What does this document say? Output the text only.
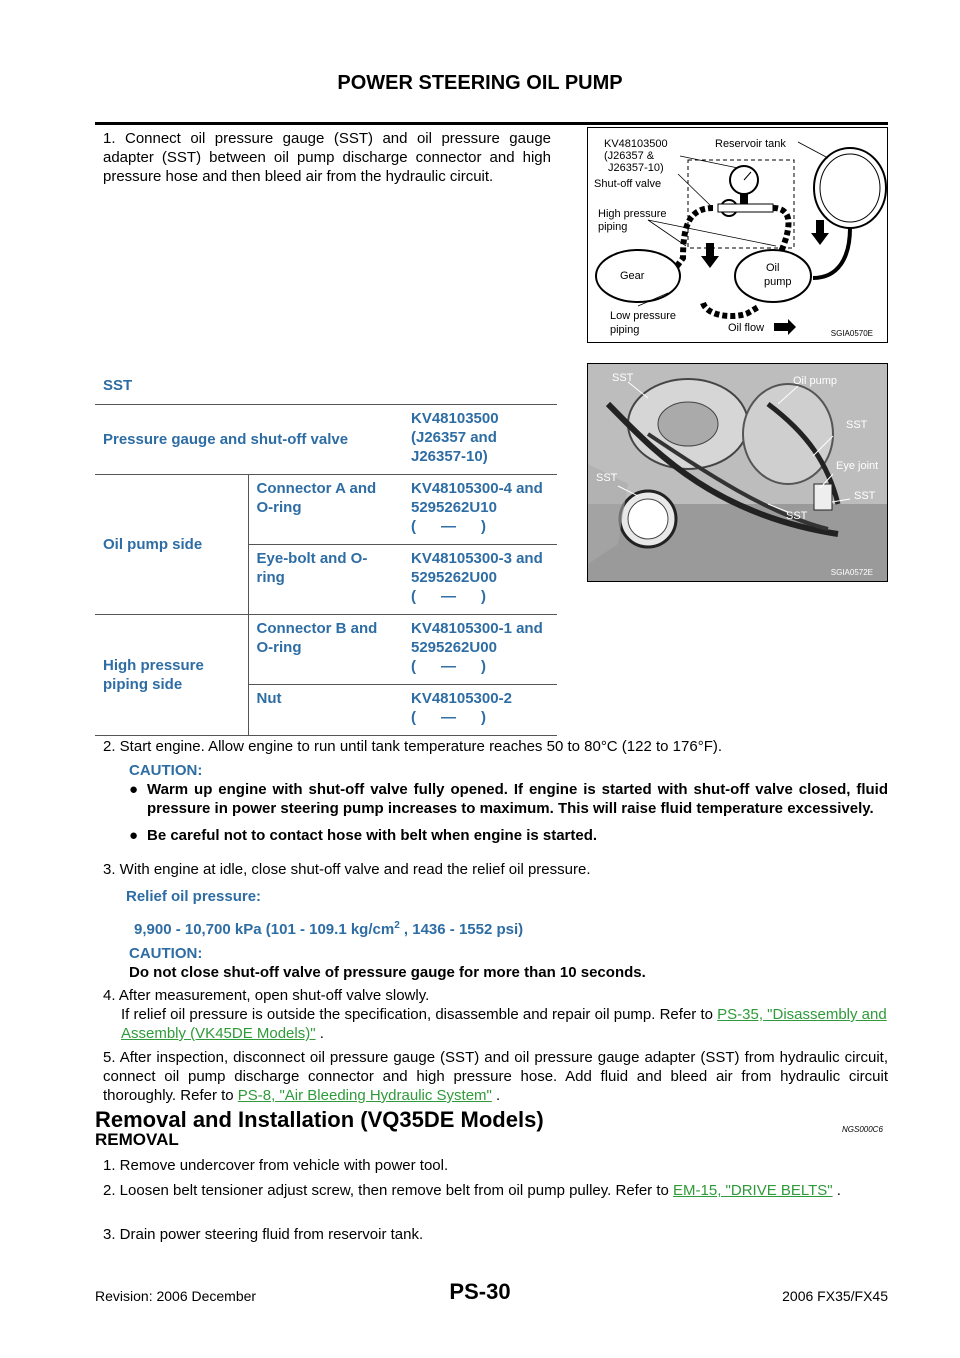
POWER STEERING OIL PUMP
1. Connect oil pressure gauge (SST) and oil pressure gauge adapter (SST) between oil pump discharge connector and high pressure hose and then bleed air from the hydraulic circuit.
KV48103500
(J26357 &
J26357-10)
Shut-off valve
Reservoir tank
High pressure
piping
Gear
Oil
pump
Low pressure
piping	Oil flow	SGIA0570E
SST		
Pressure gauge and shut-off valve		KV48103500 (J26357 and J26357-10)
Oil pump side	Connector A and O-ring	KV48105300-4 and 5295262U10
(      —      )

	Eye-bolt and O-ring	KV48105300-3 and 5295262U00
(      —      )

High pressure piping side	Connector B and O-ring	KV48105300-1 and 5295262U00
(      —      )

	Nut	KV48105300-2
(      —      )
SST	Oil pump
SST
Eye joint
SST
SST
SST
SGIA0572E
2. Start engine. Allow engine to run until tank temperature reaches 50 to 80°C (122 to 176°F).
CAUTION:
● Warm up engine with shut-off valve fully opened. If engine is started with shut-off valve closed, fluid pressure in power steering pump increases to maximum. This will raise fluid temperature excessively.
● Be careful not to contact hose with belt when engine is started.
3. With engine at idle, close shut-off valve and read the relief oil pressure.
Relief oil pressure:
9,900 - 10,700 kPa (101 - 109.1 $kg/cm^2$ , 1436 - 1552 psi)
CAUTION:
Do not close shut-off valve of pressure gauge for more than 10 seconds.
4. After measurement, open shut-off valve slowly.
If relief oil pressure is outside the specification, disassemble and repair oil pump. Refer to PS-35, "Disassembly and Assembly (VK45DE Models)" .
5. After inspection, disconnect oil pressure gauge (SST) and oil pressure gauge adapter (SST) from hydraulic circuit, connect oil pump discharge connector and high pressure hose. Add fluid and bleed air from hydraulic circuit thoroughly. Refer to PS-8, "Air Bleeding Hydraulic System" .
Removal and Installation (VQ35DE Models)	NGS000C6
REMOVAL
1. Remove undercover from vehicle with power tool.
2. Loosen belt tensioner adjust screw, then remove belt from oil pump pulley. Refer to EM-15, "DRIVE BELTS" .
3. Drain power steering fluid from reservoir tank.
Revision: 2006 December	PS-30	2006 FX35/FX45
